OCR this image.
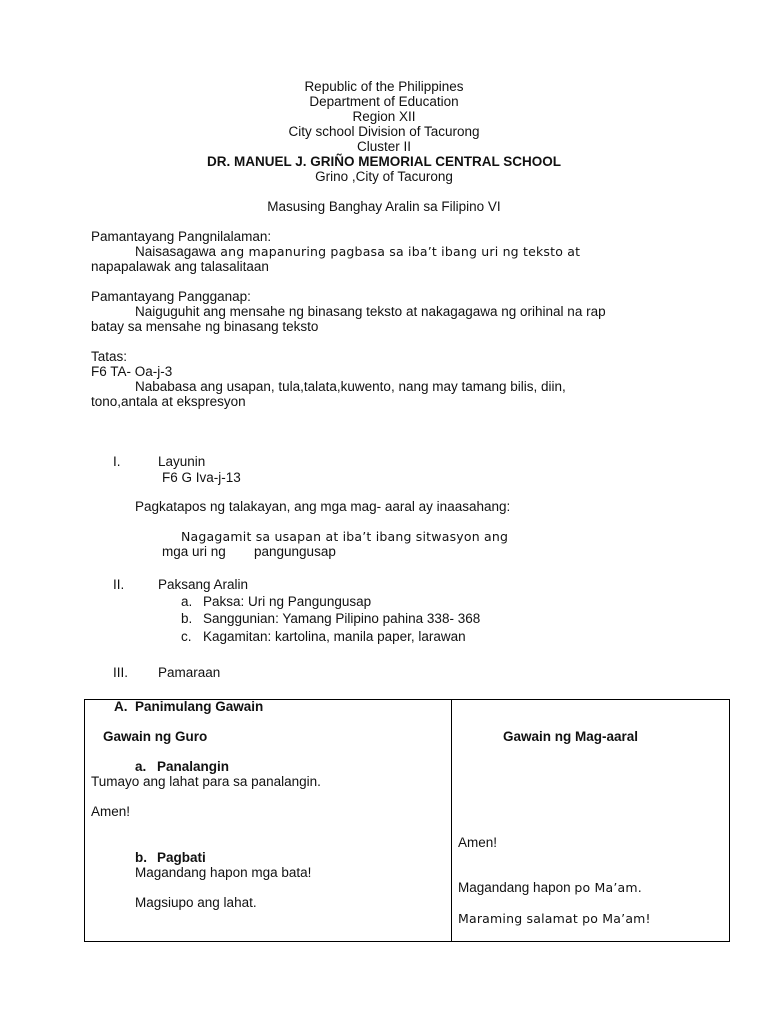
Republic of the Philippines
Department of Education
Region XII
City school Division of Tacurong
Cluster II
DR. MANUEL J. GRIÑO MEMORIAL CENTRAL SCHOOL
Grino ,City of Tacurong
Masusing Banghay Aralin sa Filipino VI
Pamantayang Pangnilalaman:
Naisasagawa ang mapanuring pagbasa sa iba’t ibang uri ng teksto at
napapalawak ang talasalitaan
Pamantayang Pangganap:
Naiguguhit ang mensahe ng binasang teksto at nakagagawa ng orihinal na rap
batay sa mensahe ng binasang teksto
Tatas:
F6 TA- Oa-j-3
Nababasa ang usapan, tula,talata,kuwento, nang may tamang bilis, diin,
tono,antala at ekspresyon
I.	Layunin
F6 G Iva-j-13
Pagkatapos ng talakayan, ang mga mag- aaral ay inaasahang:
Nagagamit sa usapan at iba’t ibang sitwasyon ang
mga uri ng pangungusap
II. Paksang Aralin
a. Paksa: Uri ng Pangungusap
b. Sanggunian: Yamang Pilipino pahina 338- 368
c. Kagamitan: kartolina, manila paper, larawan
III. Pamaraan
A. Panimulang Gawain
Gawain ng Guro	Gawain ng Mag-aaral
a. Panalangin
Tumayo ang lahat para sa panalangin.
Amen!
Amen!
b. Pagbati
Magandang hapon mga bata!
Magsiupo ang lahat.
Magandang hapon po Ma’am.
Maraming salamat po Ma’am!
